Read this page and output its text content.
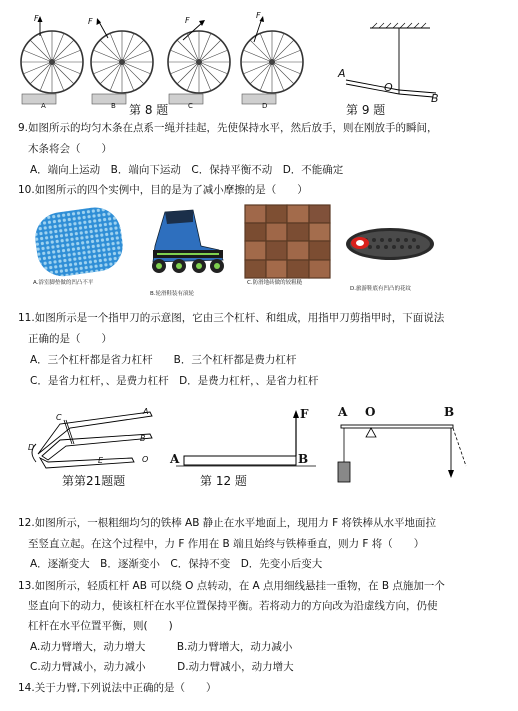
F	F	F
F
A	B	C	D
第 8 题
A
O
B
第 9 题
9.如图所示的均匀木条在点系一绳并挂起，先使保持水平，然后放手，则在刚放手的瞬间，
木条将会（　　）
A．端向上运动　B．端向下运动　C．保持平衡不动　D．不能确定
10.如图所示的四个实例中，目的是为了减小摩擦的是（　　）
A.浴室脚垫做的凹凸不平
B.轮滑鞋装有滚轮
C.防滑地砖做的较粗糙
D.旅游鞋底有凹凸的花纹
11.如图所示是一个指甲刀的示意图，它由三个杠杆、和组成，用指甲刀剪指甲时，下面说法
正确的是（　　）
A．三个杠杆都是省力杠杆　　B．三个杠杆都是费力杠杆
C．是省力杠杆，、是费力杠杆　D．是费力杠杆，、是省力杠杆
A
C
D
B
O
E
第第21题题
F
A	B
第 12 题
A O	B
12.如图所示，一根粗细均匀的铁棒 AB 静止在水平地面上，现用力 F 将铁棒从水平地面拉
至竖直立起。在这个过程中，力 F 作用在 B 端且始终与铁棒垂直，则力 F 将（　　）
A．逐渐变大　B．逐渐变小　C．保持不变　D．先变小后变大
13.如图所示，轻质杠杆 AB 可以绕 O 点转动，在 A 点用细线悬挂一重物，在 B 点施加一个
竖直向下的动力，使该杠杆在水平位置保持平衡。若将动力的方向改为沿虚线方向，仍使
杠杆在水平位置平衡，则(　　)
A.动力臂增大，动力增大　　　B.动力臂增大，动力减小
C.动力臂减小，动力减小　　　D.动力臂减小，动力增大
14.关于力臂,下列说法中正确的是（　　）
